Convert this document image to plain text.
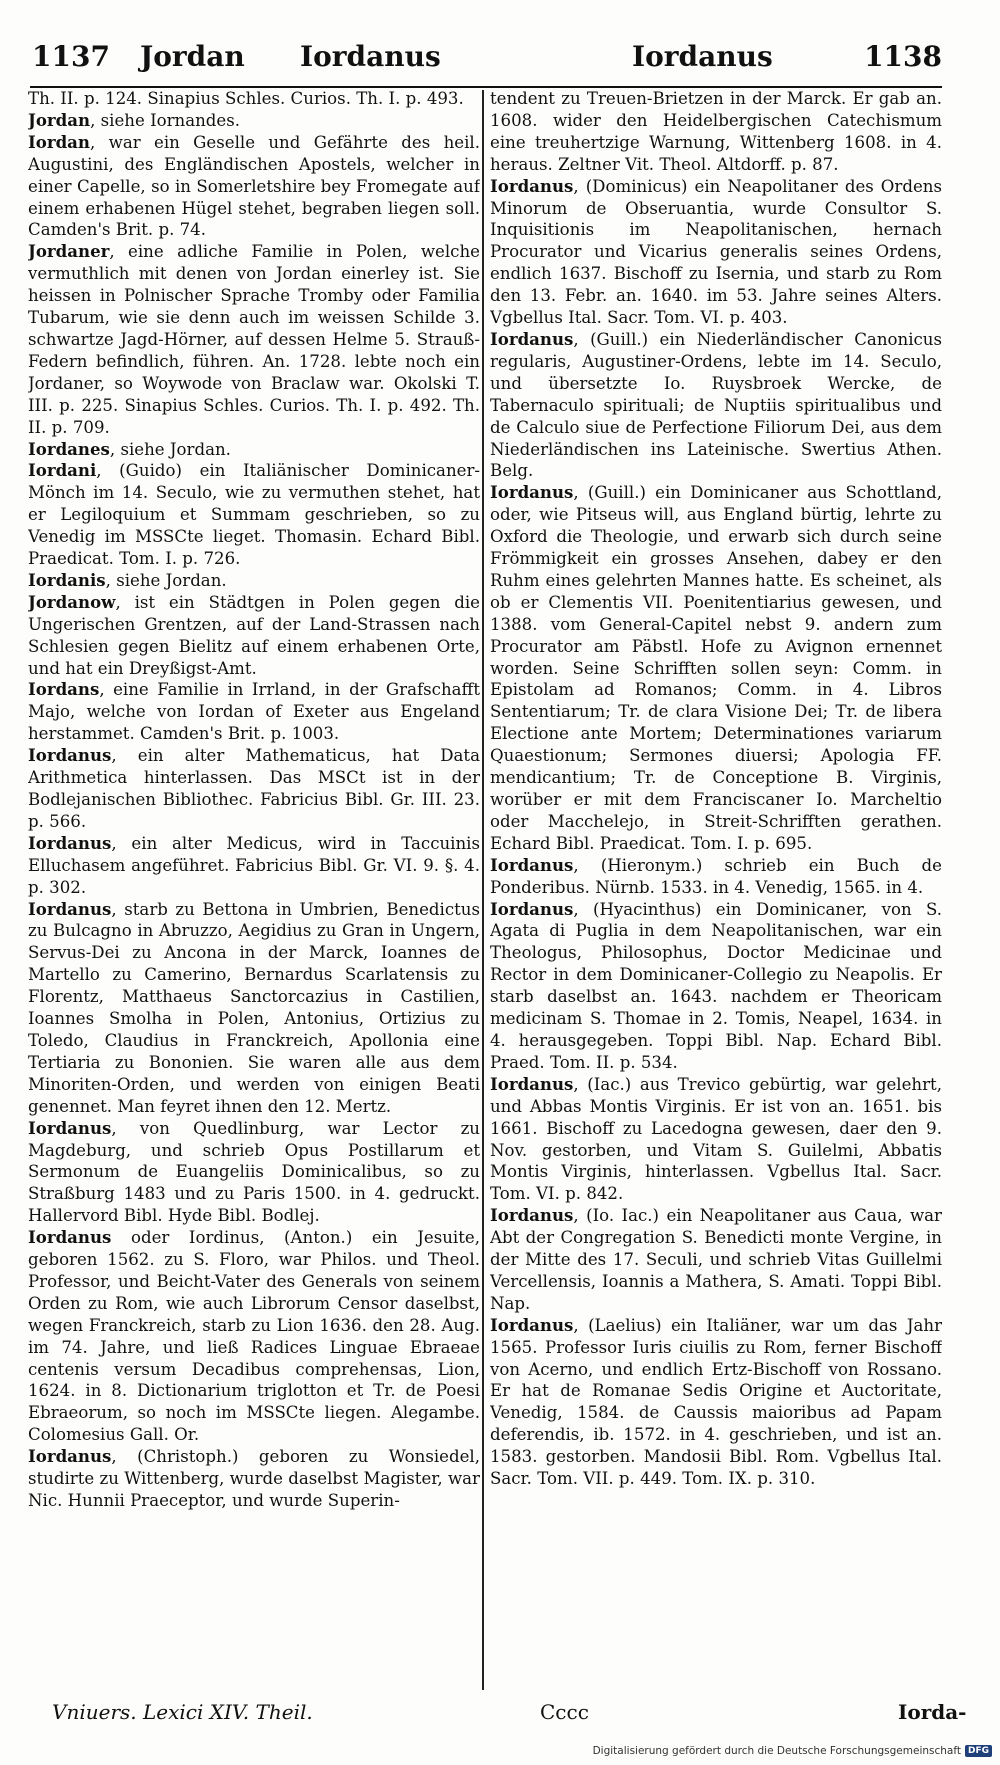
1137 Jordan Iordanus	Iordanus	1138

Th. II. p. 124. Sinapius Schles. Curios. Th. I. p. 493.

Jordan, siehe Iornandes.

Iordan, war ein Geselle und Gefährte des heil. Augustini, des Engländischen Apostels, welcher in einer Capelle, so in Somerletshire bey Fromegate auf einem erhabenen Hügel stehet, begraben liegen soll. Camden's Brit. p. 74.

Jordaner, eine adliche Familie in Polen, welche vermuthlich mit denen von Jordan einerley ist. Sie heissen in Polnischer Sprache Tromby oder Familia Tubarum, wie sie denn auch im weissen Schilde 3. schwartze Jagd-Hörner, auf dessen Helme 5. Strauß-Federn befindlich, führen. An. 1728. lebte noch ein Jordaner, so Woywode von Braclaw war. Okolski T. III. p. 225. Sinapius Schles. Curios. Th. I. p. 492. Th. II. p. 709.

Iordanes, siehe Jordan.

Iordani, (Guido) ein Italiänischer Dominicaner-Mönch im 14. Seculo, wie zu vermuthen stehet, hat er Legiloquium et Summam geschrieben, so zu Venedig im MSSCte lieget. Thomasin. Echard Bibl. Praedicat. Tom. I. p. 726.

Iordanis, siehe Jordan.

Jordanow, ist ein Städtgen in Polen gegen die Ungerischen Grentzen, auf der Land-Strassen nach Schlesien gegen Bielitz auf einem erhabenen Orte, und hat ein Dreyßigst-Amt.

Iordans, eine Familie in Irrland, in der Grafschafft Majo, welche von Iordan of Exeter aus Engeland herstammet. Camden's Brit. p. 1003.

Iordanus, ein alter Mathematicus, hat Data Arithmetica hinterlassen. Das MSCt ist in der Bodlejanischen Bibliothec. Fabricius Bibl. Gr. III. 23. p. 566.

Iordanus, ein alter Medicus, wird in Taccuinis Elluchasem angeführet. Fabricius Bibl. Gr. VI. 9. §. 4. p. 302.

Iordanus, starb zu Bettona in Umbrien, Benedictus zu Bulcagno in Abruzzo, Aegidius zu Gran in Ungern, Servus-Dei zu Ancona in der Marck, Ioannes de Martello zu Camerino, Bernardus Scarlatensis zu Florentz, Matthaeus Sanctorcazius in Castilien, Ioannes Smolha in Polen, Antonius, Ortizius zu Toledo, Claudius in Franckreich, Apollonia eine Tertiaria zu Bononien. Sie waren alle aus dem Minoriten-Orden, und werden von einigen Beati genennet. Man feyret ihnen den 12. Mertz.

Iordanus, von Quedlinburg, war Lector zu Magdeburg, und schrieb Opus Postillarum et Sermonum de Euangeliis Dominicalibus, so zu Straßburg 1483 und zu Paris 1500. in 4. gedruckt. Hallervord Bibl. Hyde Bibl. Bodlej.

Iordanus oder Iordinus, (Anton.) ein Jesuite, geboren 1562. zu S. Floro, war Philos. und Theol. Professor, und Beicht-Vater des Generals von seinem Orden zu Rom, wie auch Librorum Censor daselbst, wegen Franckreich, starb zu Lion 1636. den 28. Aug. im 74. Jahre, und ließ Radices Linguae Ebraeae centenis versum Decadibus comprehensas, Lion, 1624. in 8. Dictionarium triglotton et Tr. de Poesi Ebraeorum, so noch im MSSCte liegen. Alegambe. Colomesius Gall. Or.

Iordanus, (Christoph.) geboren zu Wonsiedel, studirte zu Wittenberg, wurde daselbst Magister, war Nic. Hunnii Praeceptor, und wurde Superin-

tendent zu Treuen-Brietzen in der Marck. Er gab an. 1608. wider den Heidelbergischen Catechismum eine treuhertzige Warnung, Wittenberg 1608. in 4. heraus. Zeltner Vit. Theol. Altdorff. p. 87.

Iordanus, (Dominicus) ein Neapolitaner des Ordens Minorum de Obseruantia, wurde Consultor S. Inquisitionis im Neapolitanischen, hernach Procurator und Vicarius generalis seines Ordens, endlich 1637. Bischoff zu Isernia, und starb zu Rom den 13. Febr. an. 1640. im 53. Jahre seines Alters. Vgbellus Ital. Sacr. Tom. VI. p. 403.

Iordanus, (Guill.) ein Niederländischer Canonicus regularis, Augustiner-Ordens, lebte im 14. Seculo, und übersetzte Io. Ruysbroek Wercke, de Tabernaculo spirituali; de Nuptiis spiritualibus und de Calculo siue de Perfectione Filiorum Dei, aus dem Niederländischen ins Lateinische. Swertius Athen. Belg.

Iordanus, (Guill.) ein Dominicaner aus Schottland, oder, wie Pitseus will, aus England bürtig, lehrte zu Oxford die Theologie, und erwarb sich durch seine Frömmigkeit ein grosses Ansehen, dabey er den Ruhm eines gelehrten Mannes hatte. Es scheinet, als ob er Clementis VII. Poenitentiarius gewesen, und 1388. vom General-Capitel nebst 9. andern zum Procurator am Päbstl. Hofe zu Avignon ernennet worden. Seine Schrifften sollen seyn: Comm. in Epistolam ad Romanos; Comm. in 4. Libros Sententiarum; Tr. de clara Visione Dei; Tr. de libera Electione ante Mortem; Determinationes variarum Quaestionum; Sermones diuersi; Apologia FF. mendicantium; Tr. de Conceptione B. Virginis, worüber er mit dem Franciscaner Io. Marcheltio oder Macchelejo, in Streit-Schrifften gerathen. Echard Bibl. Praedicat. Tom. I. p. 695.

Iordanus, (Hieronym.) schrieb ein Buch de Ponderibus. Nürnb. 1533. in 4. Venedig, 1565. in 4.

Iordanus, (Hyacinthus) ein Dominicaner, von S. Agata di Puglia in dem Neapolitanischen, war ein Theologus, Philosophus, Doctor Medicinae und Rector in dem Dominicaner-Collegio zu Neapolis. Er starb daselbst an. 1643. nachdem er Theoricam medicinam S. Thomae in 2. Tomis, Neapel, 1634. in 4. herausgegeben. Toppi Bibl. Nap. Echard Bibl. Praed. Tom. II. p. 534.

Iordanus, (Iac.) aus Trevico gebürtig, war gelehrt, und Abbas Montis Virginis. Er ist von an. 1651. bis 1661. Bischoff zu Lacedogna gewesen, daer den 9. Nov. gestorben, und Vitam S. Guilelmi, Abbatis Montis Virginis, hinterlassen. Vgbellus Ital. Sacr. Tom. VI. p. 842.

Iordanus, (Io. Iac.) ein Neapolitaner aus Caua, war Abt der Congregation S. Benedicti monte Vergine, in der Mitte des 17. Seculi, und schrieb Vitas Guillelmi Vercellensis, Ioannis a Mathera, S. Amati. Toppi Bibl. Nap.

Iordanus, (Laelius) ein Italiäner, war um das Jahr 1565. Professor Iuris ciuilis zu Rom, ferner Bischoff von Acerno, und endlich Ertz-Bischoff von Rossano. Er hat de Romanae Sedis Origine et Auctoritate, Venedig, 1584. de Caussis maioribus ad Papam deferendis, ib. 1572. in 4. geschrieben, und ist an. 1583. gestorben. Mandosii Bibl. Rom. Vgbellus Ital. Sacr. Tom. VII. p. 449. Tom. IX. p. 310.

Vniuers. Lexici XIV. Theil.	Cccc	Iorda-
Digitalisierung gefördert durch die Deutsche Forschungsgemeinschaft DFG
